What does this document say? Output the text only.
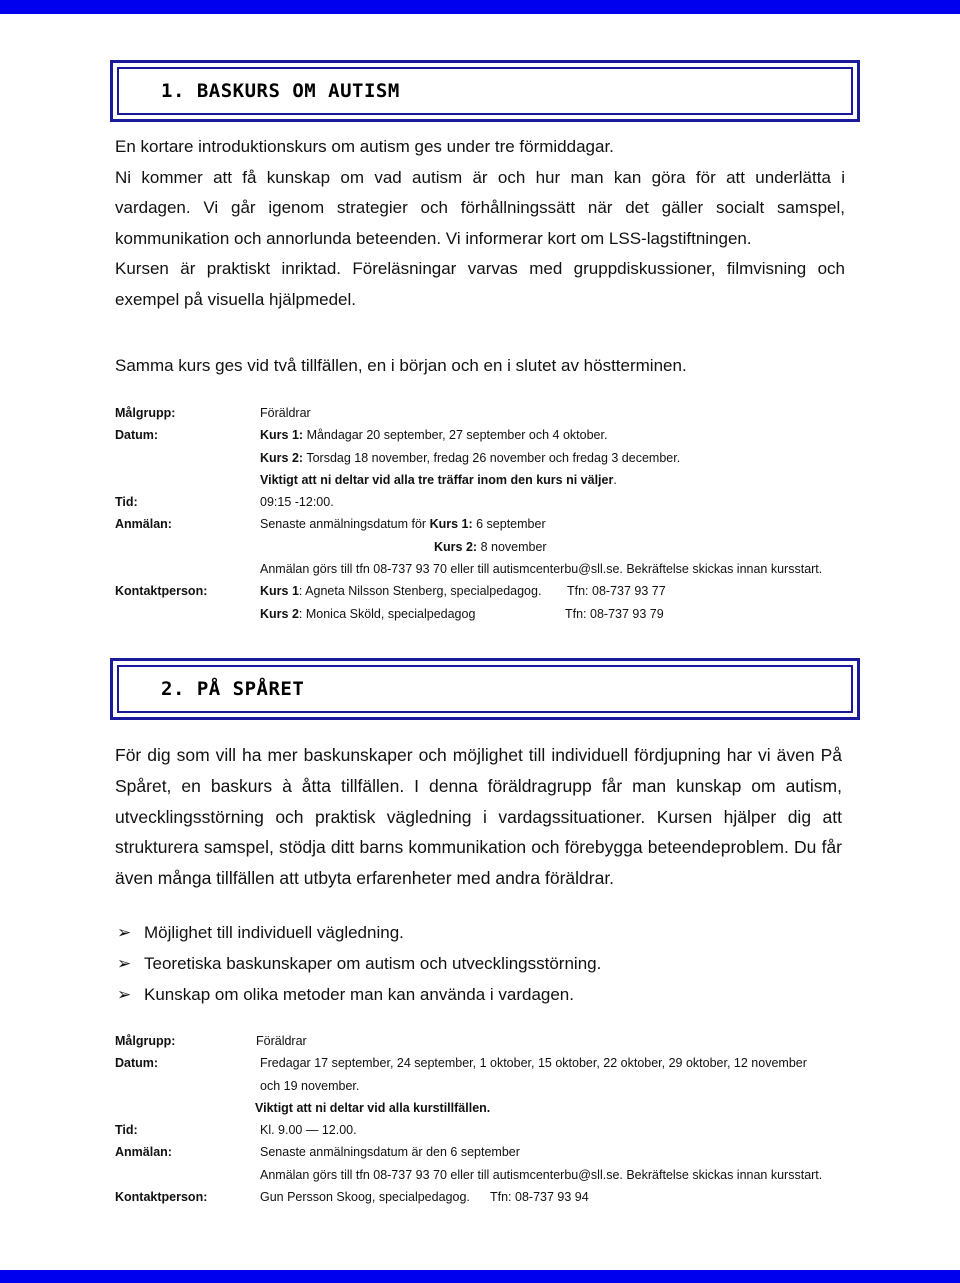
1. BASKURS OM AUTISM
En kortare introduktionskurs om autism ges under tre förmiddagar.
Ni kommer att få kunskap om vad autism är och hur man kan göra för att underlätta i
vardagen. Vi går igenom strategier och förhållningssätt när det gäller socialt samspel,
kommunikation och annorlunda beteenden. Vi informerar kort om LSS-lagstiftningen.
Kursen är praktiskt inriktad. Föreläsningar varvas med gruppdiskussioner, filmvisning och
exempel på visuella hjälpmedel.
Samma kurs ges vid två tillfällen, en i början och en i slutet av höstterminen.
Målgrupp:	Föräldrar
Datum:	Kurs 1: Måndagar 20 september, 27 september och 4 oktober.
Kurs 2: Torsdag 18 november, fredag 26 november och fredag 3 december.
Viktigt att ni deltar vid alla tre träffar inom den kurs ni väljer.
Tid:	09:15 -12:00.
Anmälan:	Senaste anmälningsdatum för Kurs 1: 6 september
Kurs 2: 8 november
Anmälan görs till tfn 08-737 93 70 eller till autismcenterbu@sll.se. Bekräftelse skickas innan kursstart.
Kontaktperson:	Kurs 1: Agneta Nilsson Stenberg, specialpedagog. Tfn: 08-737 93 77
Kurs 2: Monica Sköld, specialpedagog	Tfn: 08-737 93 79
2. PÅ SPÅRET
För dig som vill ha mer baskunskaper och möjlighet till individuell fördjupning har vi även På
Spåret, en baskurs à åtta tillfällen. I denna föräldragrupp får man kunskap om autism,
utvecklingsstörning och praktisk vägledning i vardagssituationer. Kursen hjälper dig att
strukturera samspel, stödja ditt barns kommunikation och förebygga beteendeproblem. Du får
även många tillfällen att utbyta erfarenheter med andra föräldrar.
➢ Möjlighet till individuell vägledning.
➢ Teoretiska baskunskaper om autism och utvecklingsstörning.
➢ Kunskap om olika metoder man kan använda i vardagen.
Målgrupp:	Föräldrar
Datum:	Fredagar 17 september, 24 september, 1 oktober, 15 oktober, 22 oktober, 29 oktober, 12 november
och 19 november.
Viktigt att ni deltar vid alla kurstillfällen.
Tid:	Kl. 9.00 — 12.00.
Anmälan:	Senaste anmälningsdatum är den 6 september
Anmälan görs till tfn 08-737 93 70 eller till autismcenterbu@sll.se. Bekräftelse skickas innan kursstart.
Kontaktperson:	Gun Persson Skoog, specialpedagog. Tfn: 08-737 93 94
